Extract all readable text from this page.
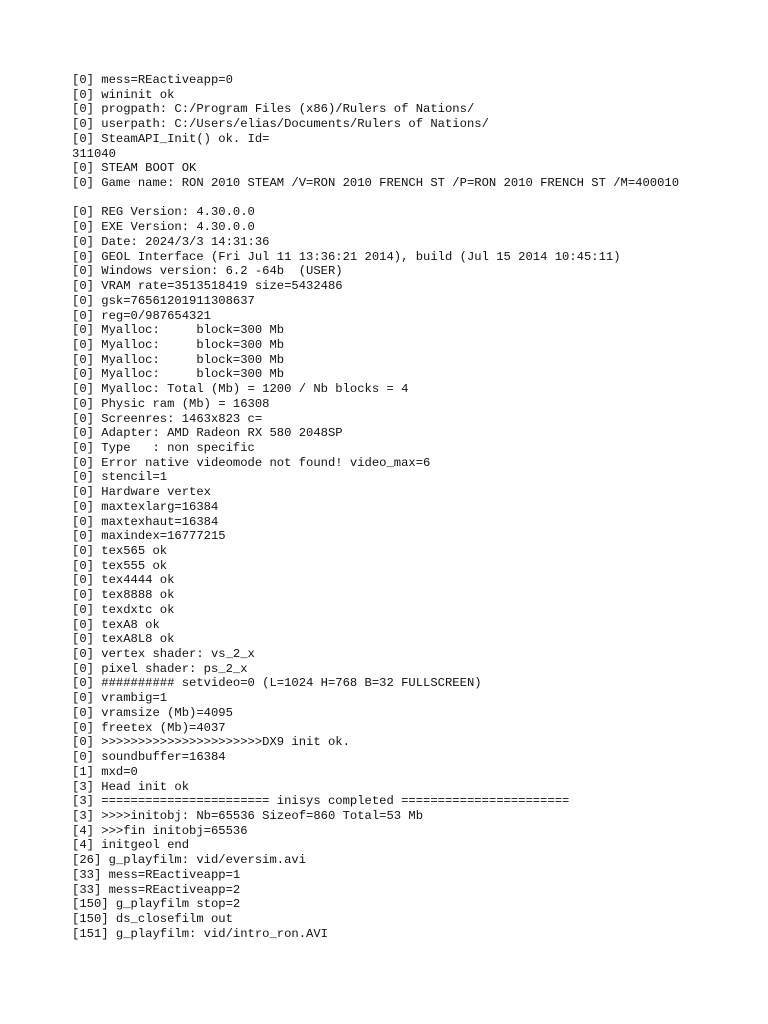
[0] mess=REactiveapp=0
[0] wininit ok
[0] progpath: C:/Program Files (x86)/Rulers of Nations/
[0] userpath: C:/Users/elias/Documents/Rulers of Nations/
[0] SteamAPI_Init() ok. Id=
311040
[0] STEAM BOOT OK
[0] Game name: RON 2010 STEAM /V=RON 2010 FRENCH ST /P=RON 2010 FRENCH ST /M=400010
[0] REG Version: 4.30.0.0
[0] EXE Version: 4.30.0.0
[0] Date: 2024/3/3 14:31:36
[0] GEOL Interface (Fri Jul 11 13:36:21 2014), build (Jul 15 2014 10:45:11)
[0] Windows version: 6.2 -64b  (USER)
[0] VRAM rate=3513518419 size=5432486
[0] gsk=76561201911308637
[0] reg=0/987654321
[0] Myalloc:     block=300 Mb
[0] Myalloc:     block=300 Mb
[0] Myalloc:     block=300 Mb
[0] Myalloc:     block=300 Mb
[0] Myalloc: Total (Mb) = 1200 / Nb blocks = 4
[0] Physic ram (Mb) = 16308
[0] Screenres: 1463x823 c=
[0] Adapter: AMD Radeon RX 580 2048SP
[0] Type   : non specific
[0] Error native videomode not found! video_max=6
[0] stencil=1
[0] Hardware vertex
[0] maxtexlarg=16384
[0] maxtexhaut=16384
[0] maxindex=16777215
[0] tex565 ok
[0] tex555 ok
[0] tex4444 ok
[0] tex8888 ok
[0] texdxtc ok
[0] texA8 ok
[0] texA8L8 ok
[0] vertex shader: vs_2_x
[0] pixel shader: ps_2_x
[0] ########## setvideo=0 (L=1024 H=768 B=32 FULLSCREEN)
[0] vrambig=1
[0] vramsize (Mb)=4095
[0] freetex (Mb)=4037
[0] >>>>>>>>>>>>>>>>>>>>>>DX9 init ok.
[0] soundbuffer=16384
[1] mxd=0
[3] Head init ok
[3] ======================= inisys completed =======================
[3] >>>>initobj: Nb=65536 Sizeof=860 Total=53 Mb
[4] >>>fin initobj=65536
[4] initgeol end
[26] g_playfilm: vid/eversim.avi
[33] mess=REactiveapp=1
[33] mess=REactiveapp=2
[150] g_playfilm stop=2
[150] ds_closefilm out
[151] g_playfilm: vid/intro_ron.AVI
